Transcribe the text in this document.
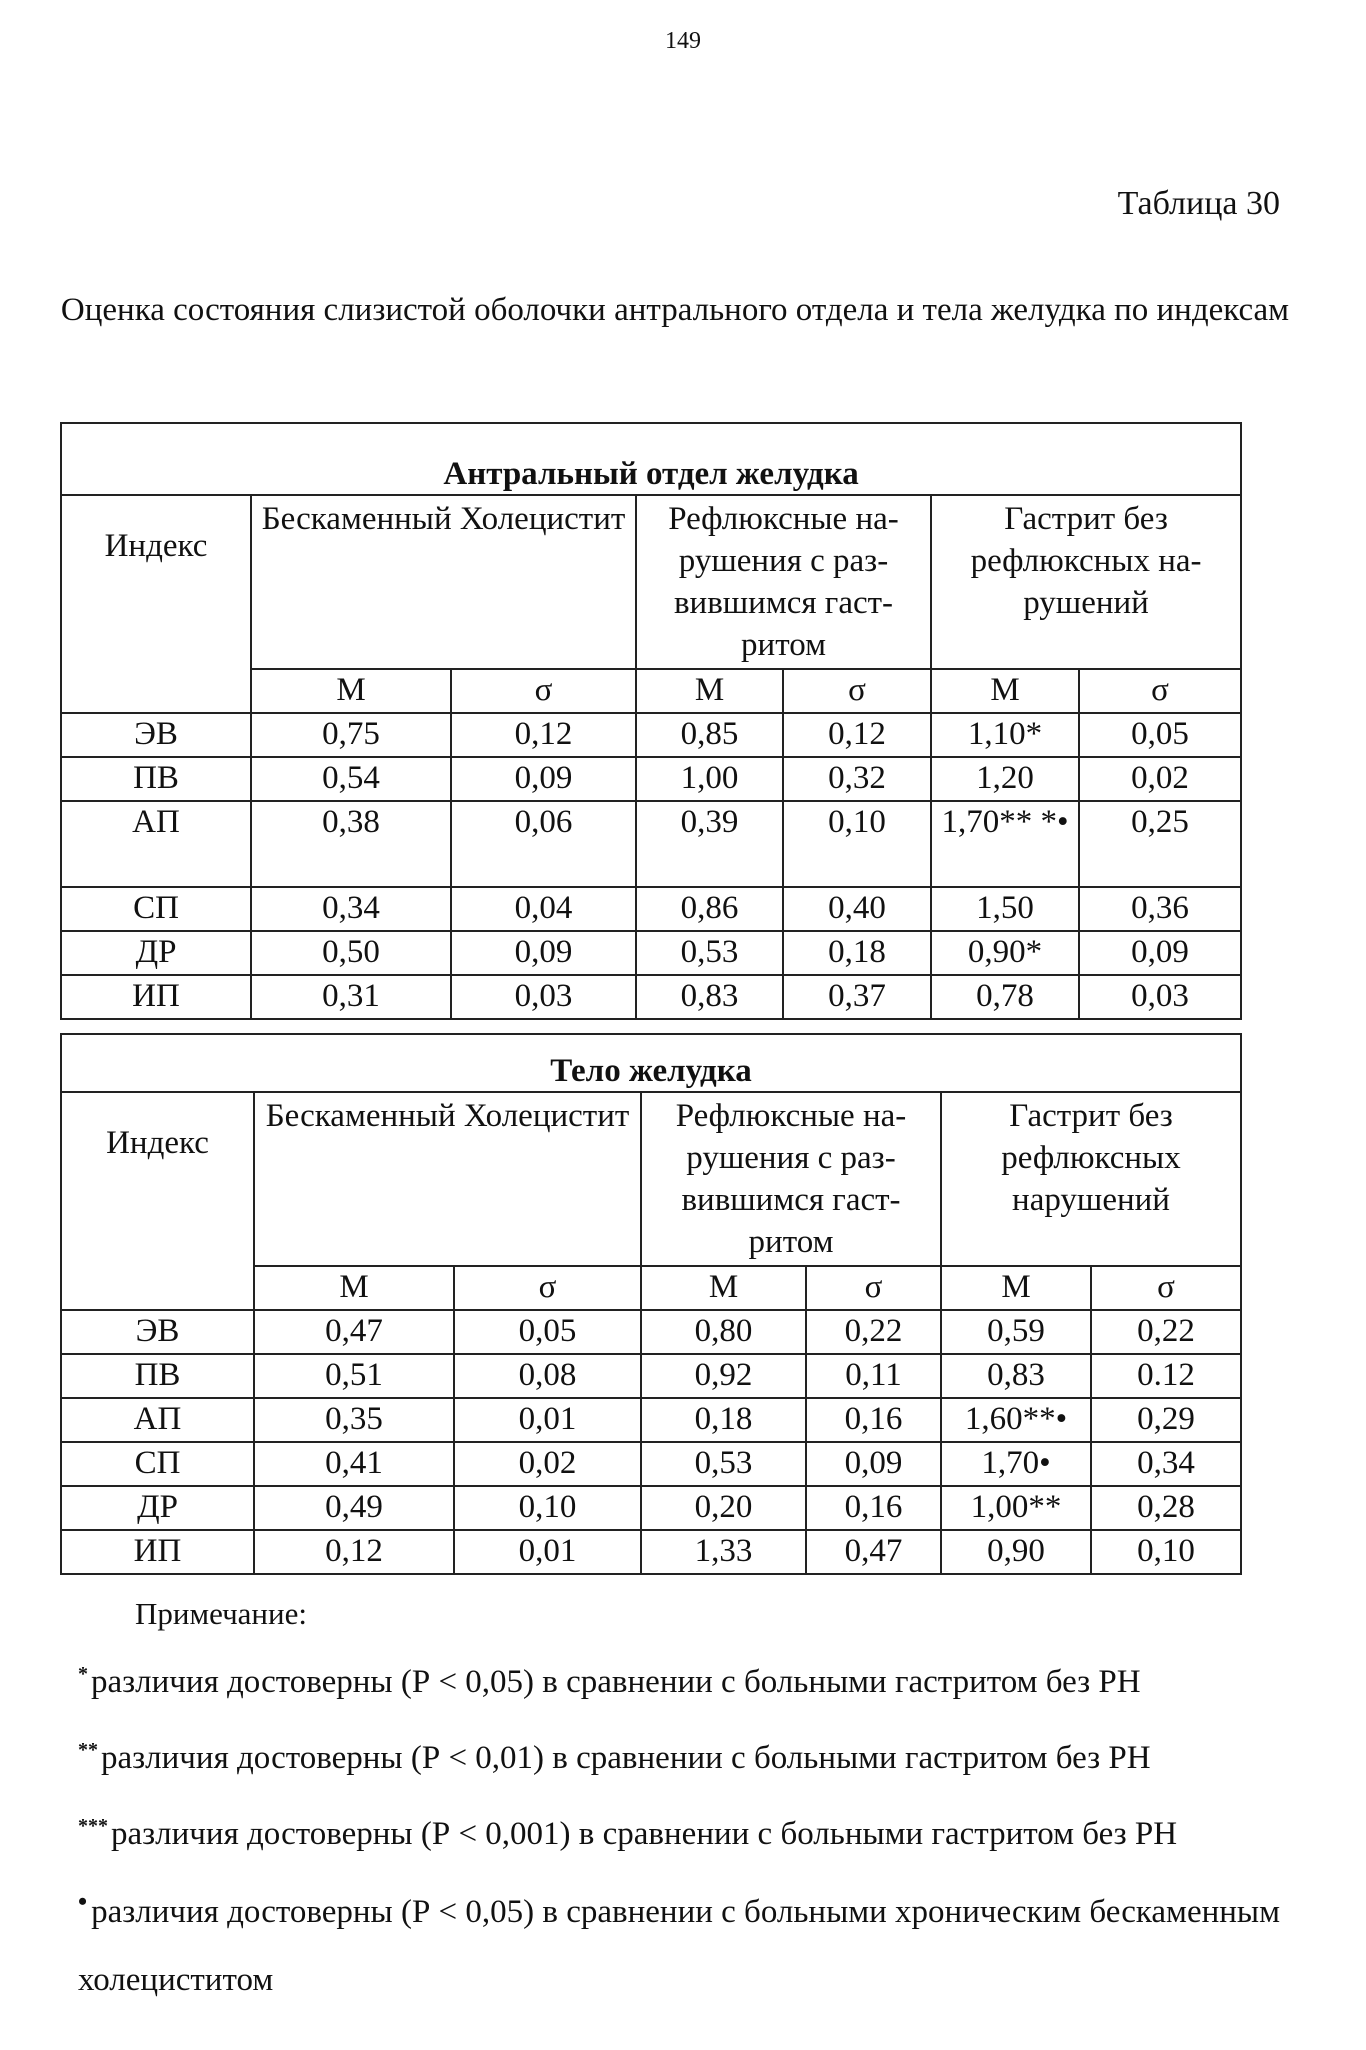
149
Таблица 30
Оценка состояния слизистой оболочки антрального отдела и тела желудка по индексам
Антральный отдел желудка						
Индекс	Бескаменный Холецистит		Рефлюксные на-рушения с раз-вившимся гаст-ритом		Гастрит без рефлюксных на-рушений	
	М	σ	М	σ	М	σ
ЭВ	0,75	0,12	0,85	0,12	1,10*	0,05
ПВ	0,54	0,09	1,00	0,32	1,20	0,02
АП	0,38	0,06	0,39	0,10	1,70** *•	0,25
СП	0,34	0,04	0,86	0,40	1,50	0,36
ДР	0,50	0,09	0,53	0,18	0,90*	0,09
ИП	0,31	0,03	0,83	0,37	0,78	0,03
Тело желудка						
Индекс	Бескаменный Холецистит		Рефлюксные на-рушения с раз-вившимся гаст-ритом		Гастрит без рефлюксных нарушений	
	М	σ	М	σ	М	σ
ЭВ	0,47	0,05	0,80	0,22	0,59	0,22
ПВ	0,51	0,08	0,92	0,11	0,83	0.12
АП	0,35	0,01	0,18	0,16	1,60**•	0,29
СП	0,41	0,02	0,53	0,09	1,70•	0,34
ДР	0,49	0,10	0,20	0,16	1,00**	0,28
ИП	0,12	0,01	1,33	0,47	0,90	0,10
Примечание:
*различия достоверны (Р < 0,05) в сравнении с больными гастритом без РН
**различия достоверны (Р < 0,01) в сравнении с больными гастритом без РН
***различия достоверны (Р < 0,001) в сравнении с больными гастритом без РН
• различия достоверны (Р < 0,05) в сравнении с больными хроническим бескаменным холециститом
